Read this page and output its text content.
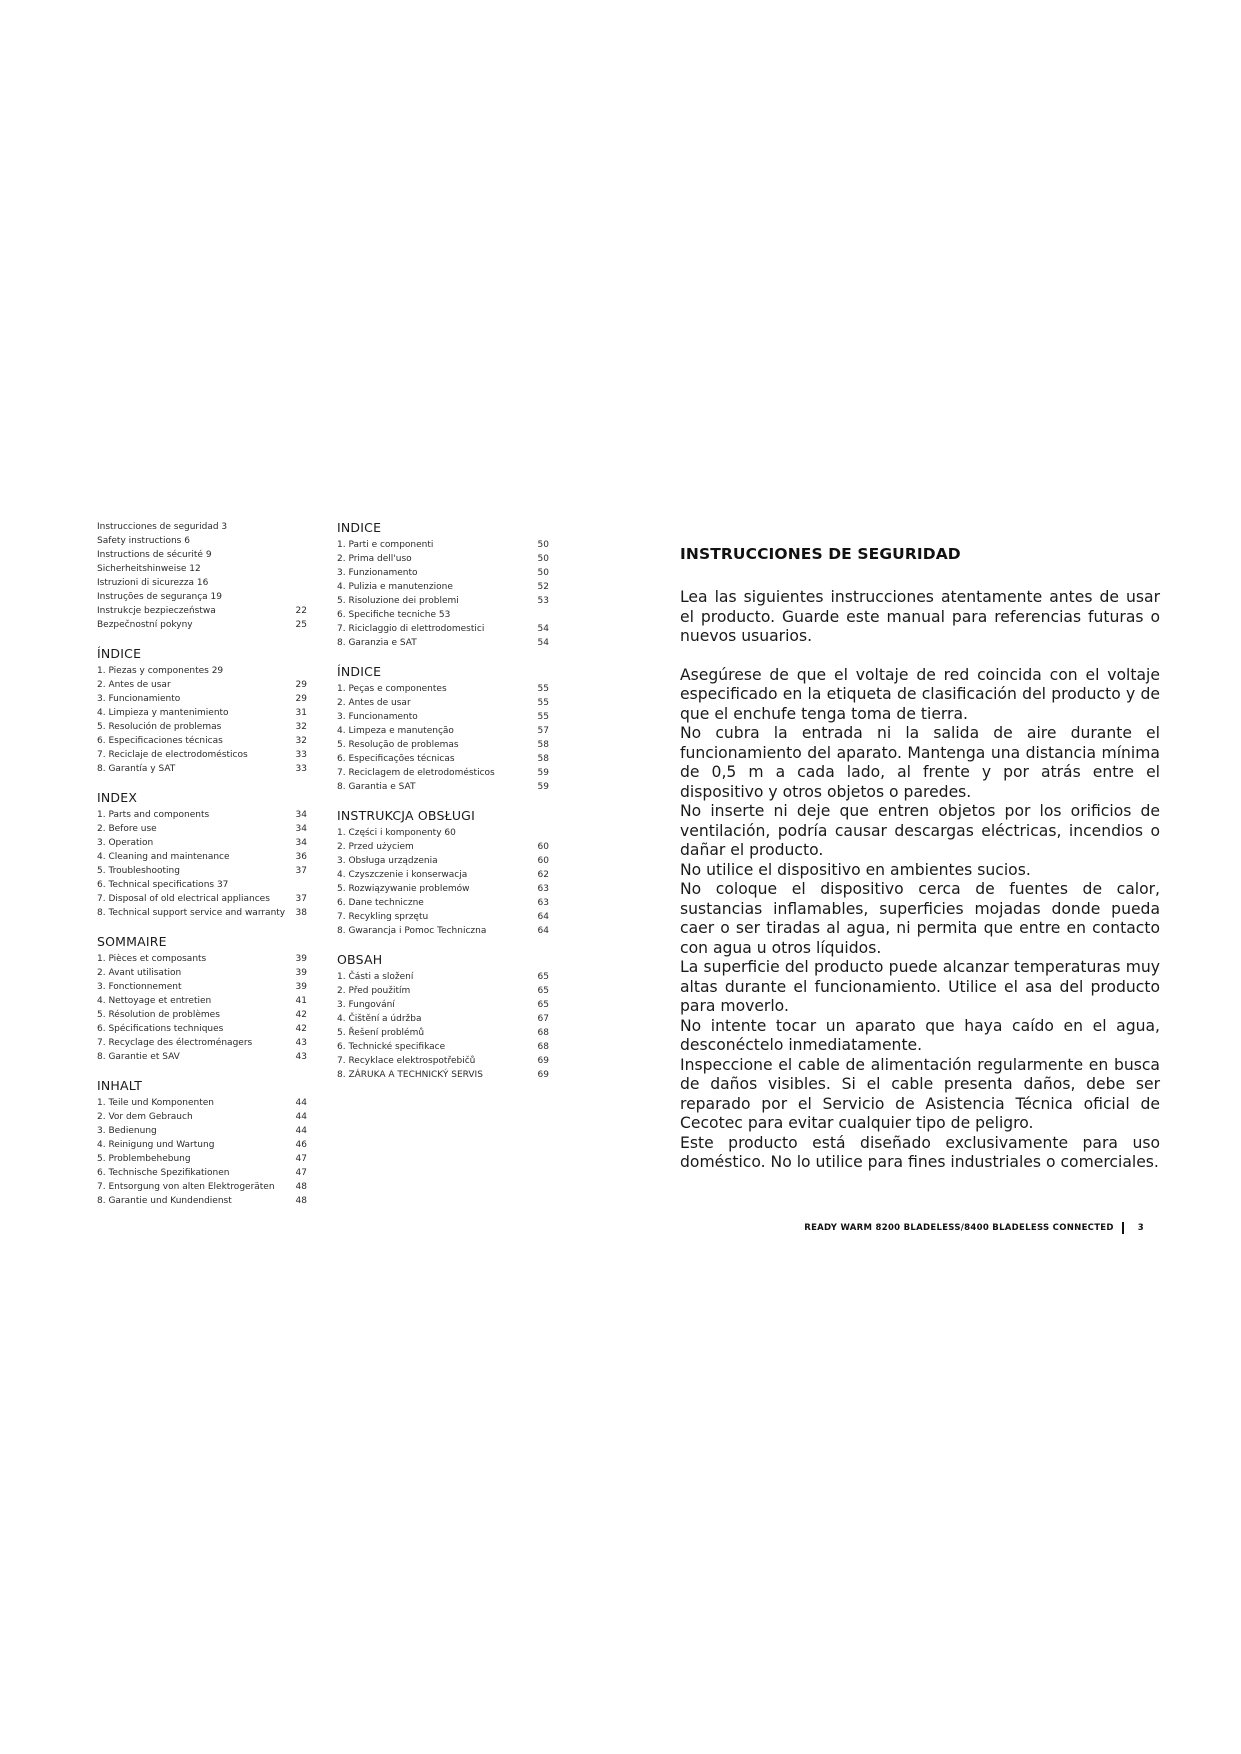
Instrucciones de seguridad 3
Safety instructions 6
Instructions de sécurité 9
Sicherheitshinweise 12
Istruzioni di sicurezza 16
Instruções de segurança 19
Instrukcje bezpieczeństwa	22
Bezpečnostní pokyny	25
ÍNDICE
1. Piezas y componentes 29
2. Antes de usar	29
3. Funcionamiento	29
4. Limpieza y mantenimiento	31
5. Resolución de problemas	32
6. Especificaciones técnicas	32
7. Reciclaje de electrodomésticos	33
8. Garantía y SAT	33
INDEX
1. Parts and components	34
2. Before use	34
3. Operation	34
4. Cleaning and maintenance	36
5. Troubleshooting	37
6. Technical specifications 37
7. Disposal of old electrical appliances	37
8. Technical support service and warranty 38
SOMMAIRE
1. Pièces et composants	39
2. Avant utilisation	39
3. Fonctionnement	39
4. Nettoyage et entretien	41
5. Résolution de problèmes	42
6. Spécifications techniques	42
7. Recyclage des électroménagers	43
8. Garantie et SAV	43
INHALT
1. Teile und Komponenten	44
2. Vor dem Gebrauch	44
3. Bedienung	44
4. Reinigung und Wartung	46
5. Problembehebung	47
6. Technische Spezifikationen	47
7. Entsorgung von alten Elektrogeräten 48
8. Garantie und Kundendienst	48
INDICE
1. Parti e componenti	50
2. Prima dell'uso	50
3. Funzionamento	50
4. Pulizia e manutenzione	52
5. Risoluzione dei problemi	53
6. Specifiche tecniche 53
7. Riciclaggio di elettrodomestici	54
8. Garanzia e SAT	54
ÍNDICE
1. Peças e componentes	55
2. Antes de usar	55
3. Funcionamento	55
4. Limpeza e manutenção	57
5. Resolução de problemas	58
6. Especificações técnicas	58
7. Reciclagem de eletrodomésticos	59
8. Garantia e SAT	59
INSTRUKCJA OBSŁUGI
1. Części i komponenty 60
2. Przed użyciem	60
3. Obsługa urządzenia	60
4. Czyszczenie i konserwacja	62
5. Rozwiązywanie problemów	63
6. Dane techniczne	63
7. Recykling sprzętu	64
8. Gwarancja i Pomoc Techniczna	64
OBSAH
1. Části a složení	65
2. Před použitím	65
3. Fungování	65
4. Čištění a údržba	67
5. Řešení problémů	68
6. Technické specifikace	68
7. Recyklace elektrospotřebičů	69
8. ZÁRUKA A TECHNICKÝ SERVIS	69
INSTRUCCIONES DE SEGURIDAD

Lea las siguientes instrucciones atentamente antes de usar el producto. Guarde este manual para referencias futuras o nuevos usuarios.

Asegúrese de que el voltaje de red coincida con el voltaje especificado en la etiqueta de clasificación del producto y de que el enchufe tenga toma de tierra.

No cubra la entrada ni la salida de aire durante el funcionamiento del aparato. Mantenga una distancia mínima de 0,5 m a cada lado, al frente y por atrás entre el dispositivo y otros objetos o paredes.

No inserte ni deje que entren objetos por los orificios de ventilación, podría causar descargas eléctricas, incendios o dañar el producto.

No utilice el dispositivo en ambientes sucios.

No coloque el dispositivo cerca de fuentes de calor, sustancias inflamables, superficies mojadas donde pueda caer o ser tiradas al agua, ni permita que entre en contacto con agua u otros líquidos.

La superficie del producto puede alcanzar temperaturas muy altas durante el funcionamiento. Utilice el asa del producto para moverlo.

No intente tocar un aparato que haya caído en el agua, desconéctelo inmediatamente.

Inspeccione el cable de alimentación regularmente en busca de daños visibles. Si el cable presenta daños, debe ser reparado por el Servicio de Asistencia Técnica oficial de Cecotec para evitar cualquier tipo de peligro.

Este producto está diseñado exclusivamente para uso doméstico. No lo utilice para fines industriales o comerciales.

READY WARM 8200 BLADELESS/8400 BLADELESS CONNECTED	3
